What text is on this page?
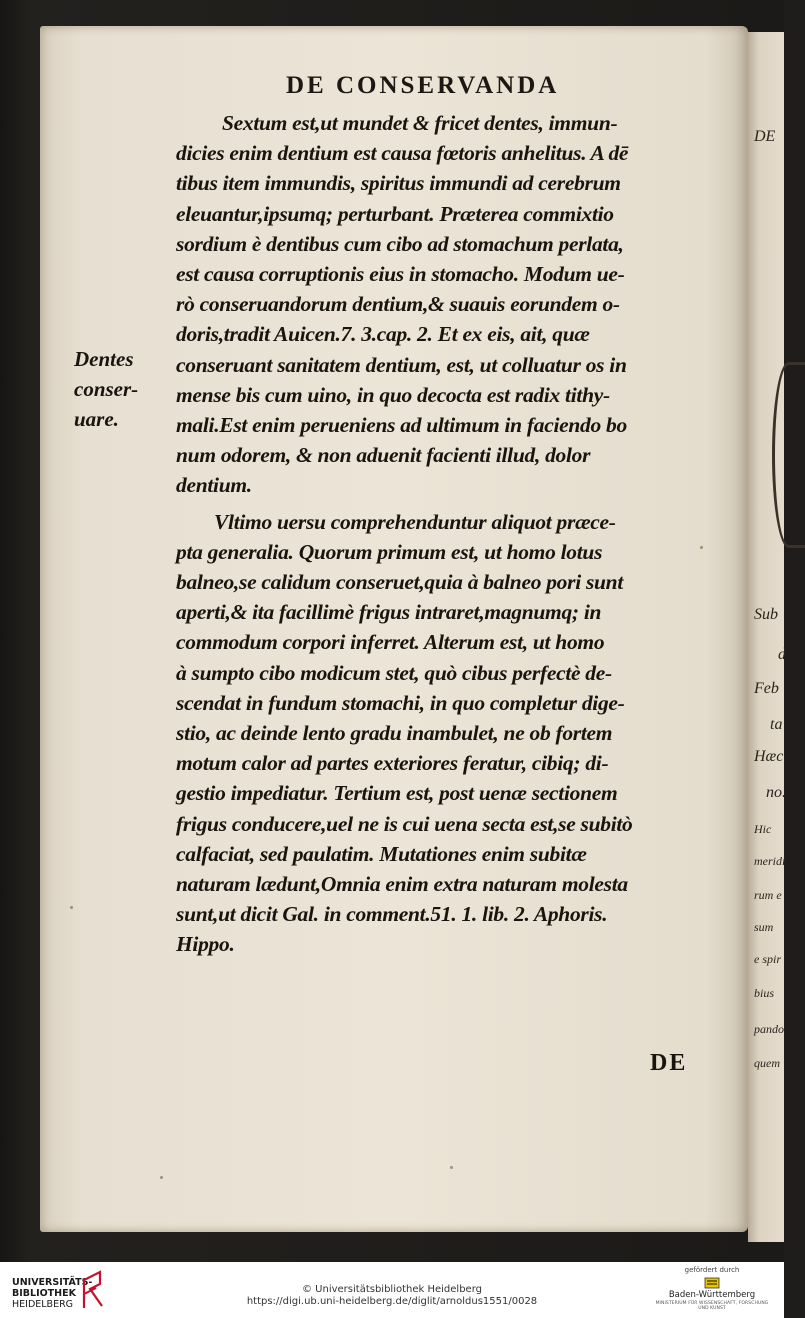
DE
Sub
d
Feb
ta
Hæc
no.
Hic
meridi
rum e
sum
e spir
bius
pando
quem
DE CONSERVANDA
Dentes
conser-
uare.

Sextum est,ut mundet & fricet dentes, immun-
dicies enim dentium est causa fœtoris anhelitus. A dē
tibus item immundis, spiritus immundi ad cerebrum
eleuantur,ipsumq; perturbant. Præterea commixtio
sordium è dentibus cum cibo ad stomachum perlata,
est causa corruptionis eius in stomacho. Modum ue-
rò conseruandorum dentium,& suauis eorundem o-
doris,tradit Auicen.7. 3.cap. 2. Et ex eis, ait, quæ
conseruant sanitatem dentium, est, ut colluatur os in
mense bis cum uino, in quo decocta est radix tithy-
mali.Est enim perueniens ad ultimum in faciendo bo
num odorem, & non aduenit facienti illud, dolor
dentium.

Vltimo uersu comprehenduntur aliquot præce-
pta generalia. Quorum primum est, ut homo lotus
balneo,se calidum conseruet,quia à balneo pori sunt
aperti,& ita facillimè frigus intraret,magnumq; in
commodum corpori inferret. Alterum est, ut homo
à sumpto cibo modicum stet, quò cibus perfectè de-
scendat in fundum stomachi, in quo completur dige-
stio, ac deinde lento gradu inambulet, ne ob fortem
motum calor ad partes exteriores feratur, cibiq; di-
gestio impediatur. Tertium est, post uenæ sectionem
frigus conducere,uel ne is cui uena secta est,se subitò
calfaciat, sed paulatim. Mutationes enim subitæ
naturam lædunt,Omnia enim extra naturam molesta
sunt,ut dicit Gal. in comment.51. 1. lib. 2. Aphoris.
Hippo.

DE
UNIVERSITÄTS-
BIBLIOTHEK
HEIDELBERG
© Universitätsbibliothek Heidelberg
https://digi.ub.uni-heidelberg.de/diglit/arnoldus1551/0028
gefördert durch
Baden-Württemberg
MINISTERIUM FÜR WISSENSCHAFT, FORSCHUNG UND KUNST
